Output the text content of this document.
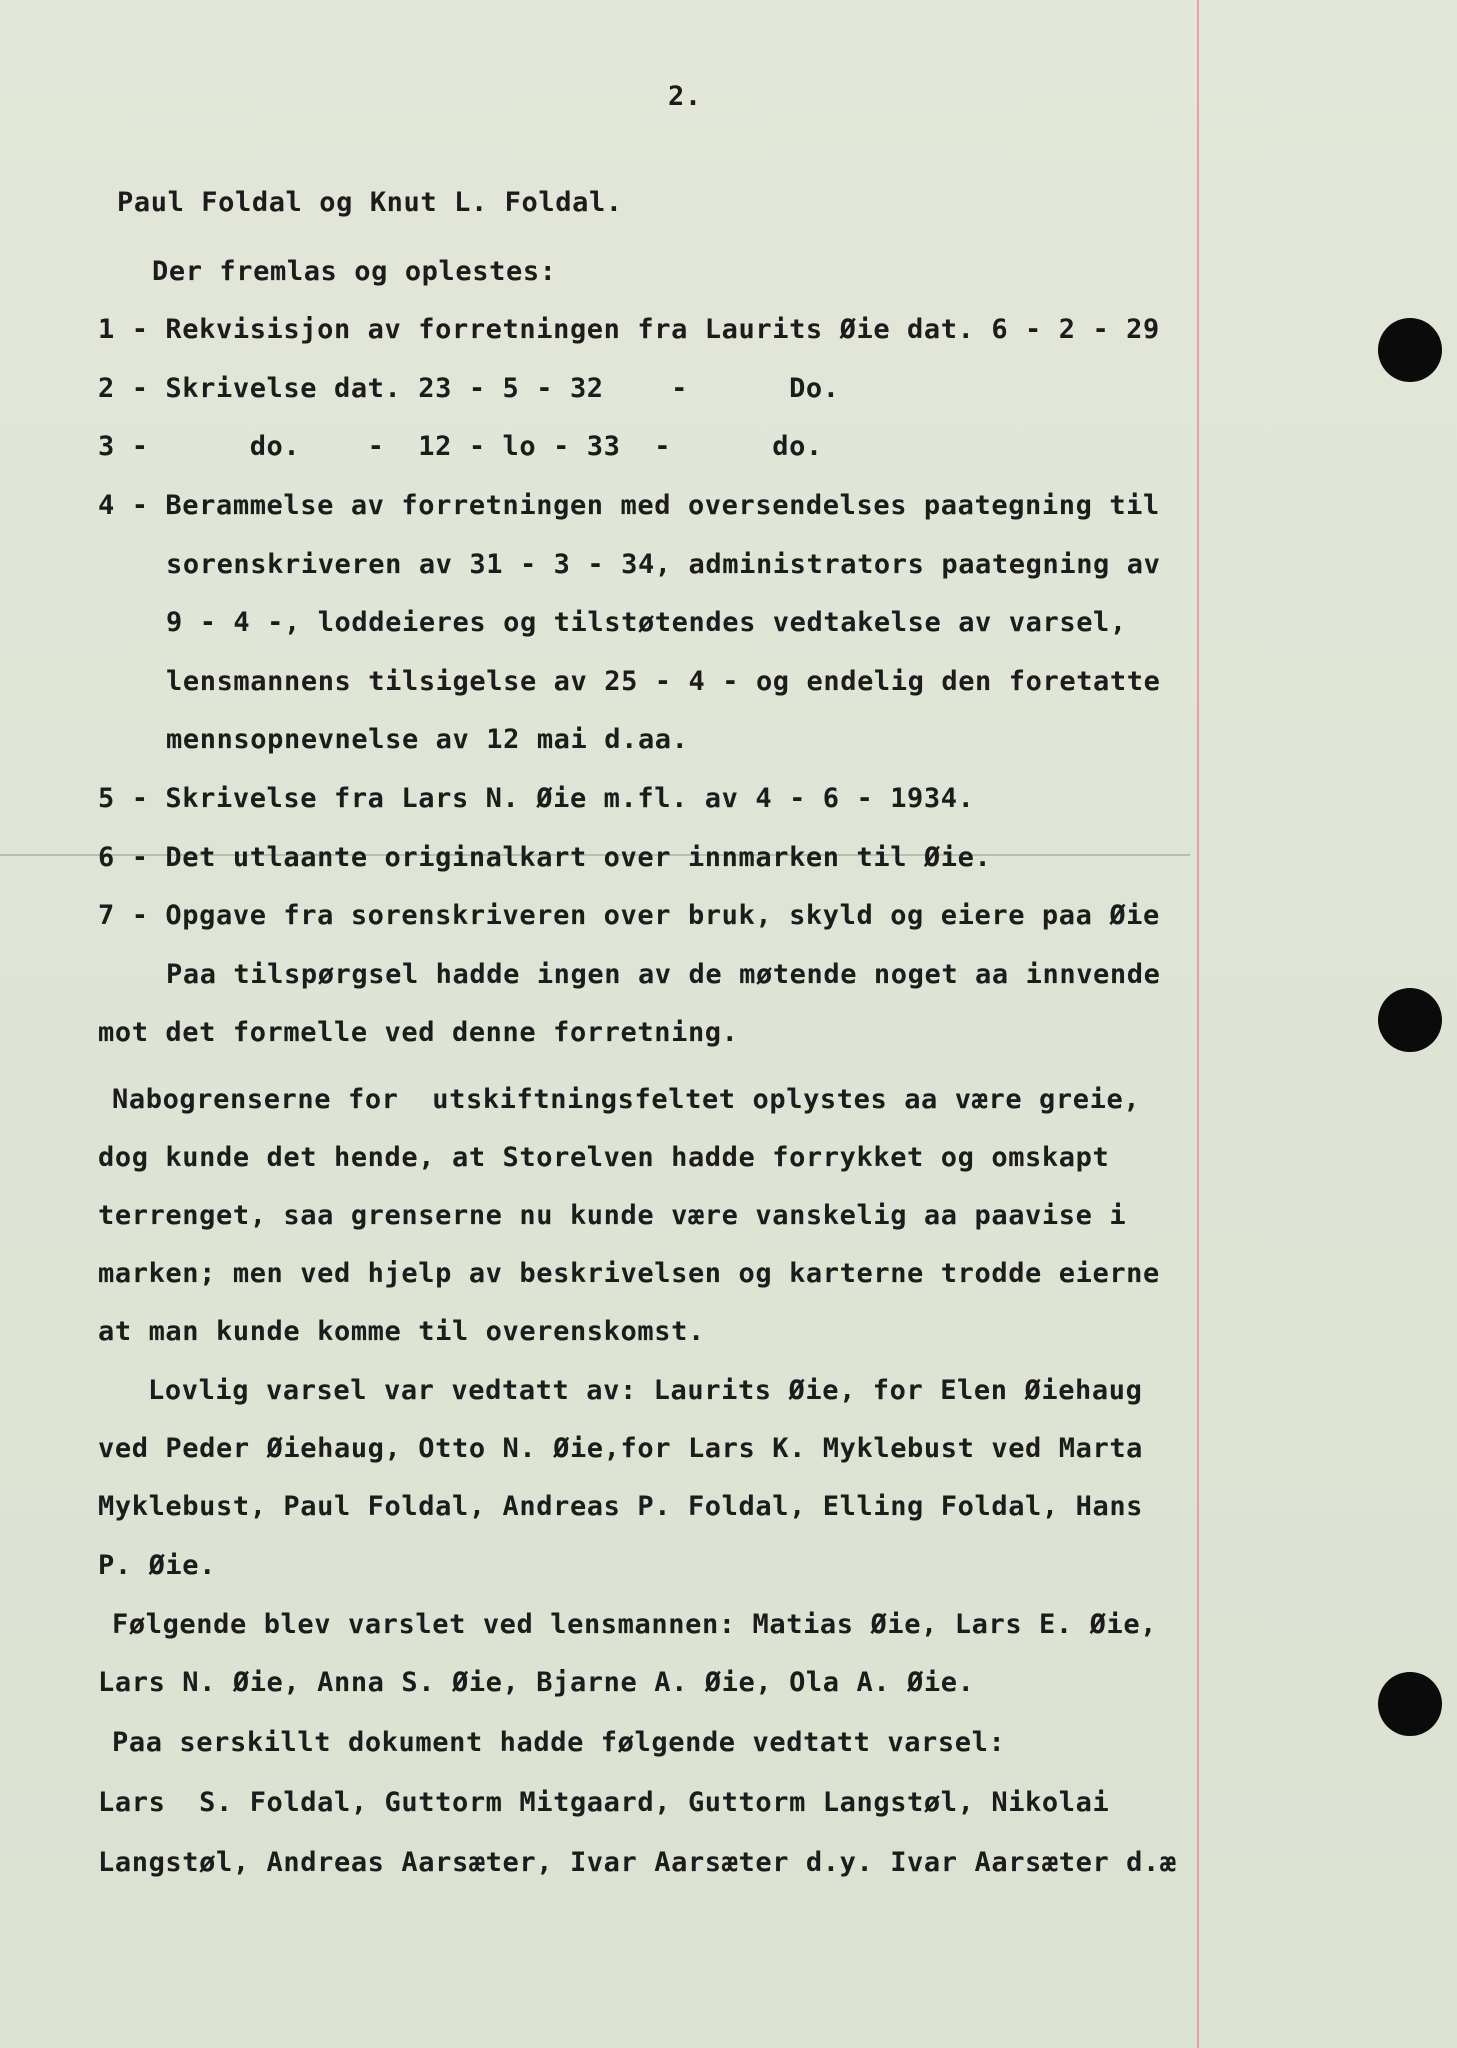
2.
Paul Foldal og Knut L. Foldal.
Der fremlas og oplestes:
1 - Rekvisisjon av forretningen fra Laurits Øie dat. 6 - 2 - 29
2 - Skrivelse dat. 23 - 5 - 32    -      Do.
3 -      do.    -  12 - lo - 33  -      do.
4 - Berammelse av forretningen med oversendelses paategning til
sorenskriveren av 31 - 3 - 34, administrators paategning av
9 - 4 -, loddeieres og tilstøtendes vedtakelse av varsel,
lensmannens tilsigelse av 25 - 4 - og endelig den foretatte
mennsopnevnelse av 12 mai d.aa.
5 - Skrivelse fra Lars N. Øie m.fl. av 4 - 6 - 1934.
6 - Det utlaante originalkart over innmarken til Øie.
7 - Opgave fra sorenskriveren over bruk, skyld og eiere paa Øie
Paa tilspørgsel hadde ingen av de møtende noget aa innvende
mot det formelle ved denne forretning.
Nabogrenserne for  utskiftningsfeltet oplystes aa være greie,
dog kunde det hende, at Storelven hadde forrykket og omskapt
terrenget, saa grenserne nu kunde være vanskelig aa paavise i
marken; men ved hjelp av beskrivelsen og karterne trodde eierne
at man kunde komme til overenskomst.
Lovlig varsel var vedtatt av: Laurits Øie, for Elen Øiehaug
ved Peder Øiehaug, Otto N. Øie,for Lars K. Myklebust ved Marta
Myklebust, Paul Foldal, Andreas P. Foldal, Elling Foldal, Hans
P. Øie.
Følgende blev varslet ved lensmannen: Matias Øie, Lars E. Øie,
Lars N. Øie, Anna S. Øie, Bjarne A. Øie, Ola A. Øie.
Paa serskillt dokument hadde følgende vedtatt varsel:
Lars  S. Foldal, Guttorm Mitgaard, Guttorm Langstøl, Nikolai
Langstøl, Andreas Aarsæter, Ivar Aarsæter d.y. Ivar Aarsæter d.æ
